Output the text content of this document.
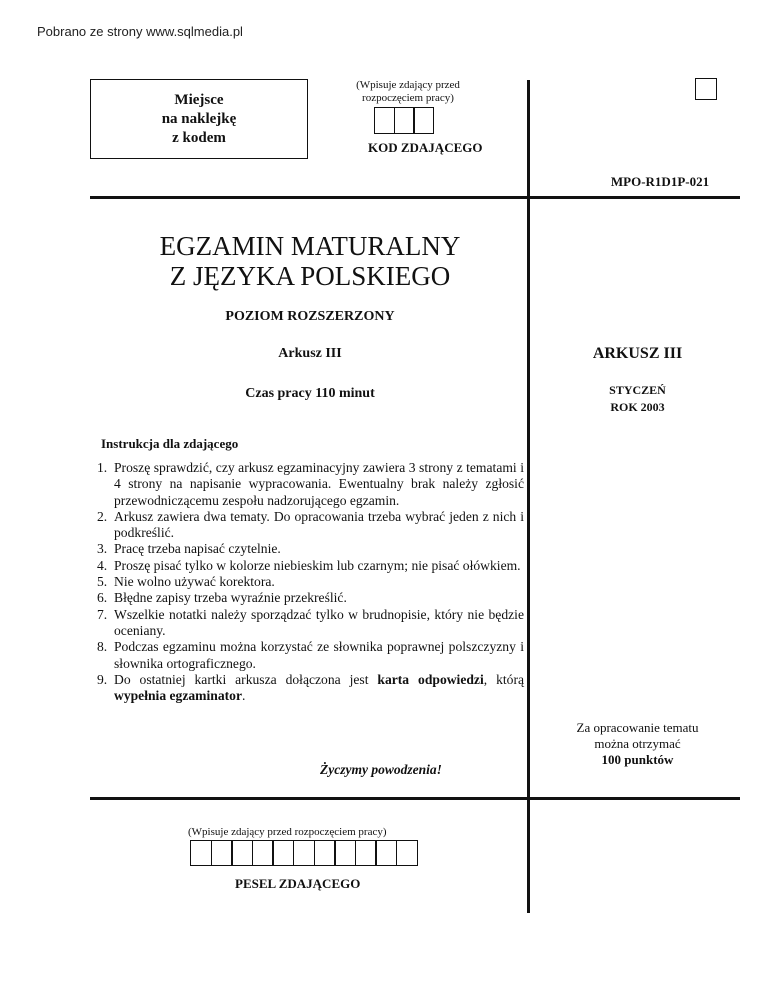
Pobrano ze strony www.sqlmedia.pl
Miejsce
na naklejkę
z kodem
(Wpisuje zdający przed
rozpoczęciem pracy)
KOD ZDAJĄCEGO
MPO-R1D1P-021
EGZAMIN MATURALNY
Z JĘZYKA POLSKIEGO
POZIOM ROZSZERZONY
Arkusz III
Czas pracy 110 minut
ARKUSZ III
STYCZEŃ
ROK 2003
Instrukcja dla zdającego
1. Proszę sprawdzić, czy arkusz egzaminacyjny zawiera 3 strony z tematami i 4 strony na napisanie wypracowania. Ewentualny brak należy zgłosić przewodniczącemu zespołu nadzorującego egzamin.
2. Arkusz zawiera dwa tematy. Do opracowania trzeba wybrać jeden z nich i podkreślić.
3. Pracę trzeba napisać czytelnie.
4. Proszę pisać tylko w kolorze niebieskim lub czarnym; nie pisać ołówkiem.
5. Nie wolno używać korektora.
6. Błędne zapisy trzeba wyraźnie przekreślić.
7. Wszelkie notatki należy sporządzać tylko w brudnopisie, który nie będzie oceniany.
8. Podczas egzaminu można korzystać ze słownika poprawnej polszczyzny i słownika ortograficznego.
9. Do ostatniej kartki arkusza dołączona jest karta odpowiedzi, którą wypełnia egzaminator.
Za opracowanie tematu
można otrzymać
100 punktów
Życzymy powodzenia!
(Wpisuje zdający przed rozpoczęciem pracy)
PESEL ZDAJĄCEGO
